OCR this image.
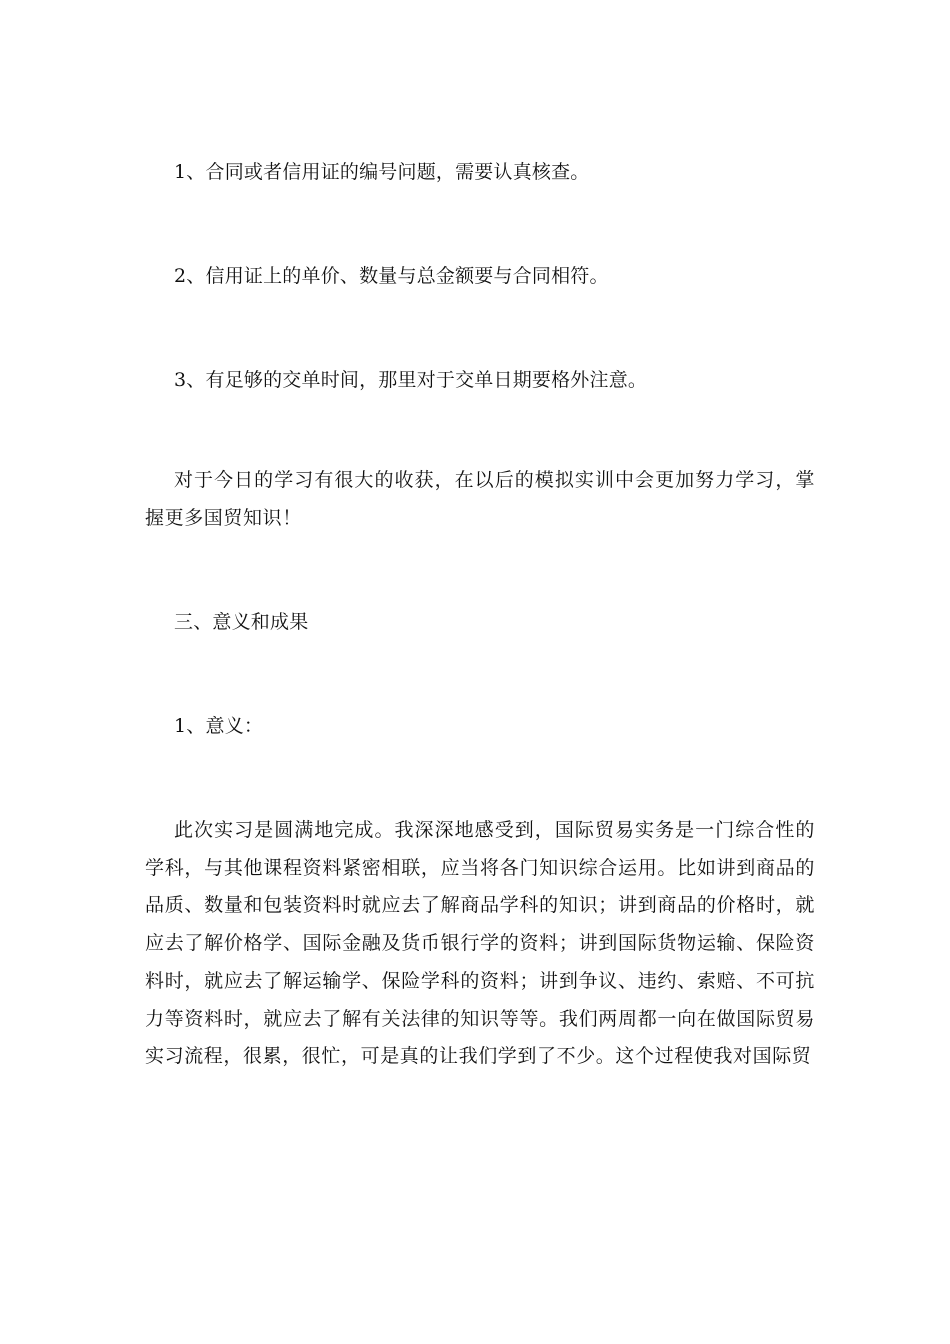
1、合同或者信用证的编号问题，需要认真核查。
2、信用证上的单价、数量与总金额要与合同相符。
3、有足够的交单时间，那里对于交单日期要格外注意。
对于今日的学习有很大的收获，在以后的模拟实训中会更加努力学习，掌握更多国贸知识！
三、意义和成果
1、意义：
此次实习是圆满地完成。我深深地感受到，国际贸易实务是一门综合性的学科，与其他课程资料紧密相联，应当将各门知识综合运用。比如讲到商品的品质、数量和包装资料时就应去了解商品学科的知识；讲到商品的价格时，就应去了解价格学、国际金融及货币银行学的资料；讲到国际货物运输、保险资料时，就应去了解运输学、保险学科的资料；讲到争议、违约、索赔、不可抗力等资料时，就应去了解有关法律的知识等等。我们两周都一向在做国际贸易实习流程，很累，很忙，可是真的让我们学到了不少。这个过程使我对国际贸
